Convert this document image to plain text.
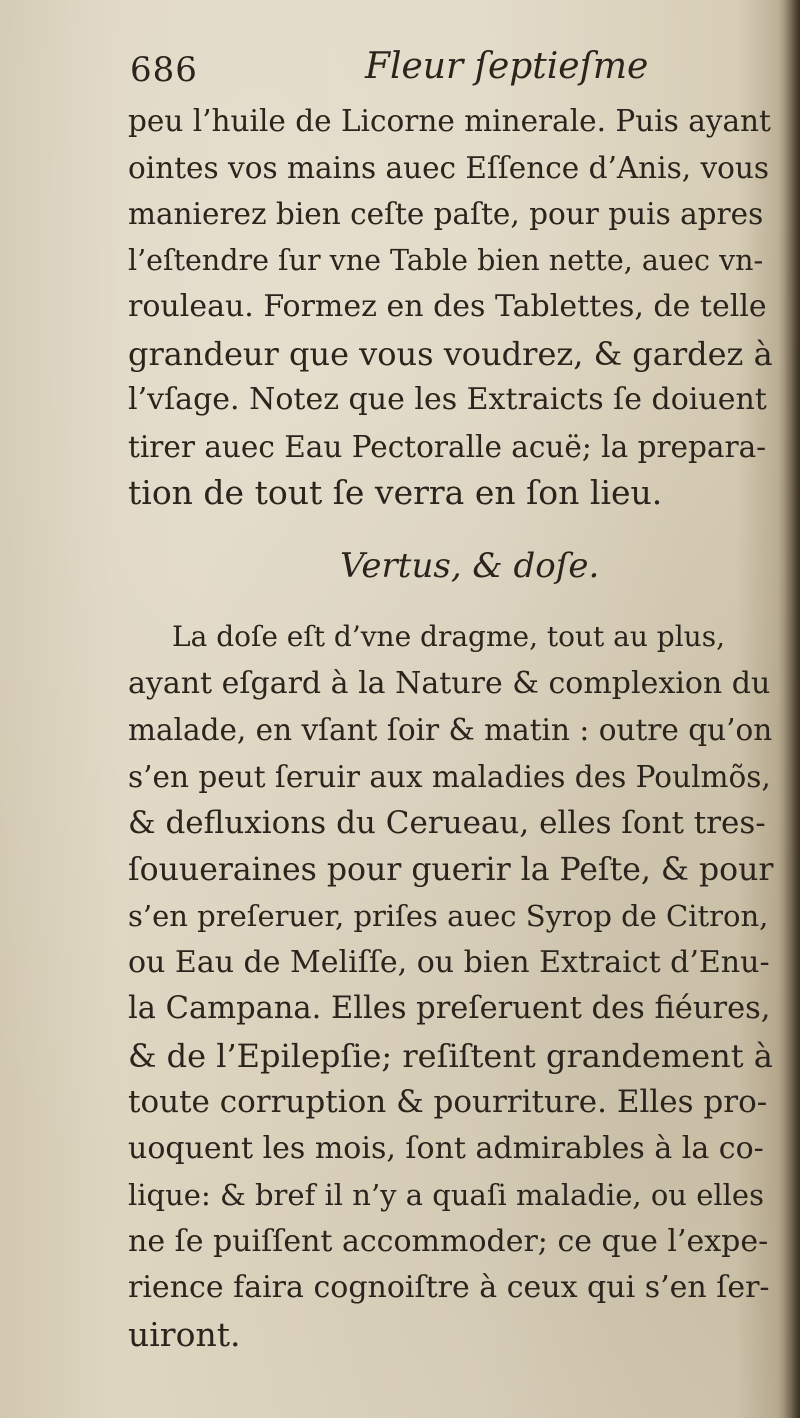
686	Fleur ſeptieſme
peu l’huile de Licorne minerale. Puis ayant
ointes vos mains auec Eſſence d’Anis, vous
manierez bien ceſte paſte, pour puis apres
l’eſtendre ſur vne Table bien nette, auec vn-
rouleau. Formez en des Tablettes, de telle
grandeur que vous voudrez, & gardez à
l’vſage. Notez que les Extraicts ſe doiuent
tirer auec Eau Pectoralle acuë; la prepara-
tion de tout ſe verra en ſon lieu.
Vertus, & doſe.
La doſe eſt d’vne dragme, tout au plus,
ayant eſgard à la Nature & complexion du
malade, en vſant ſoir & matin : outre qu’on
s’en peut ſeruir aux maladies des Poulmõs,
& defluxions du Cerueau, elles ſont tres-
ſouueraines pour guerir la Peſte, & pour
s’en preſeruer, priſes auec Syrop de Citron,
ou Eau de Meliſſe, ou bien Extraict d’Enu-
la Campana. Elles preſeruent des fiéures,
& de l’Epilepſie; reſiſtent grandement à
toute corruption & pourriture. Elles pro-
uoquent les mois, ſont admirables à la co-
lique: & bref il n’y a quaſi maladie, ou elles
ne ſe puiſſent accommoder; ce que l’expe-
rience faira cognoiſtre à ceux qui s’en ſer-
uiront.
